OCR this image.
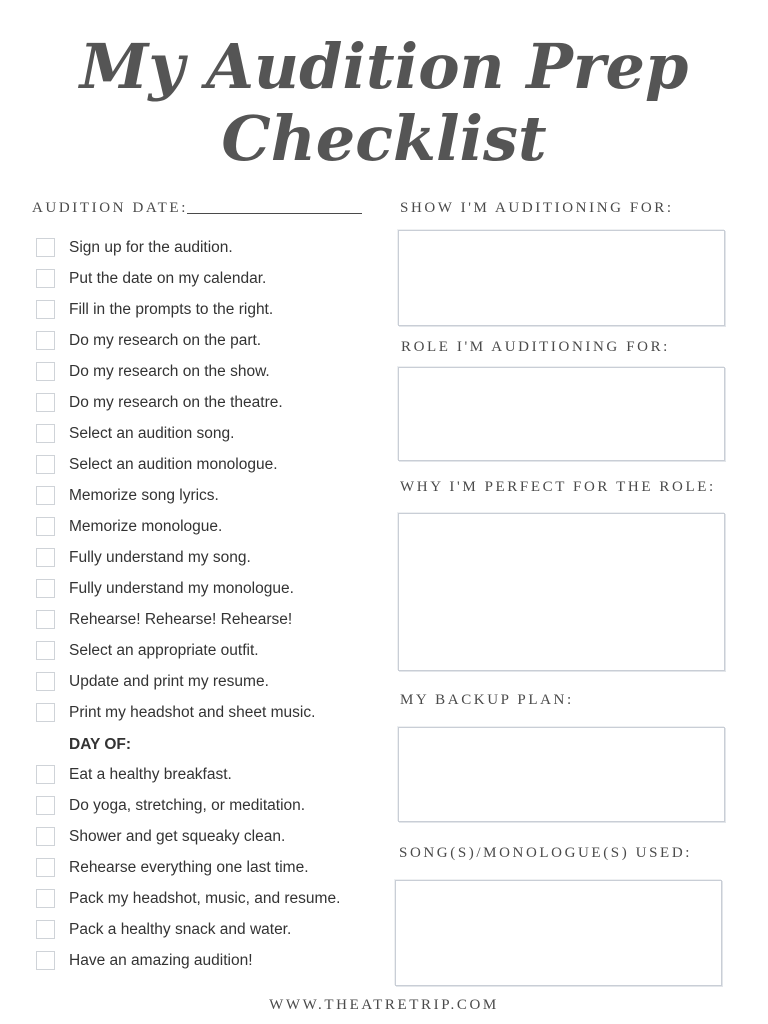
My Audition Prep
Checklist
AUDITION DATE:
Sign up for the audition.
Put the date on my calendar.
Fill in the prompts to the right.
Do my research on the part.
Do my research on the show.
Do my research on the theatre.
Select an audition song.
Select an audition monologue.
Memorize song lyrics.
Memorize monologue.
Fully understand my song.
Fully understand my monologue.
Rehearse! Rehearse! Rehearse!
Select an appropriate outfit.
Update and print my resume.
Print my headshot and sheet music.
DAY OF:
Eat a healthy breakfast.
Do yoga, stretching, or meditation.
Shower and get squeaky clean.
Rehearse everything one last time.
Pack my headshot, music, and resume.
Pack a healthy snack and water.
Have an amazing audition!
SHOW I'M AUDITIONING FOR:
ROLE I'M AUDITIONING FOR:
WHY I'M PERFECT FOR THE ROLE:
MY BACKUP PLAN:
SONG(S)/MONOLOGUE(S) USED:
WWW.THEATRETRIP.COM
